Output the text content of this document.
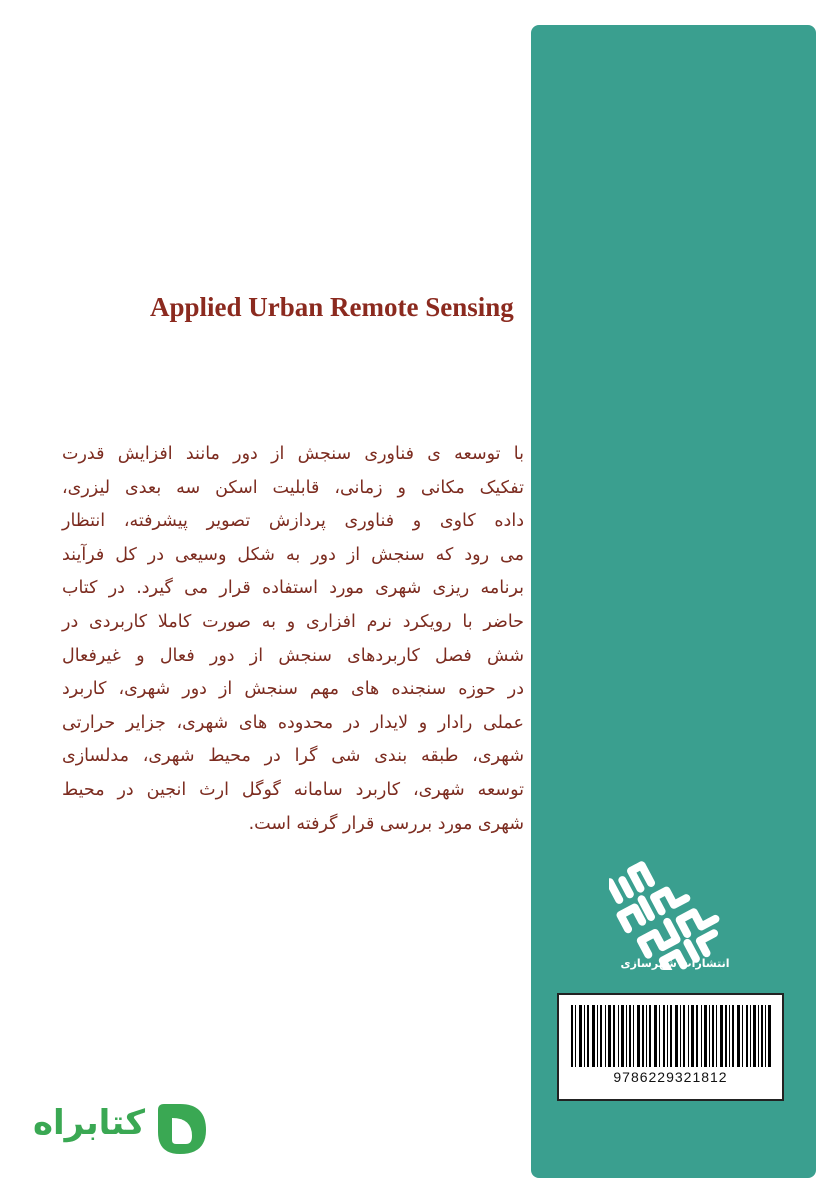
Applied Urban Remote Sensing
با توسعه ی فناوری سنجش از دور مانند افزایش قدرت
تفکیک مکانی و زمانی، قابلیت اسکن سه بعدی لیزری،
داده کاوی و فناوری پردازش تصویر پیشرفته، انتظار
می رود که سنجش از دور به شکل وسیعی در کل فرآیند
برنامه ریزی شهری مورد استفاده قرار می گیرد. در کتاب
حاضر با رویکرد نرم افزاری و به صورت کاملا کاربردی در
شش فصل کاربردهای سنجش از دور فعال و غیرفعال
در حوزه سنجنده های مهم سنجش از دور شهری، کاربرد
عملی رادار و لایدار در محدوده های شهری، جزایر حرارتی
شهری، طبقه بندی شی گرا در محیط شهری، مدلسازی
توسعه شهری، کاربرد سامانه گوگل ارث انجین در محیط
شهری مورد بررسی قرار گرفته است.
انتشارات شهرسازی
9786229321812
کتابراه
